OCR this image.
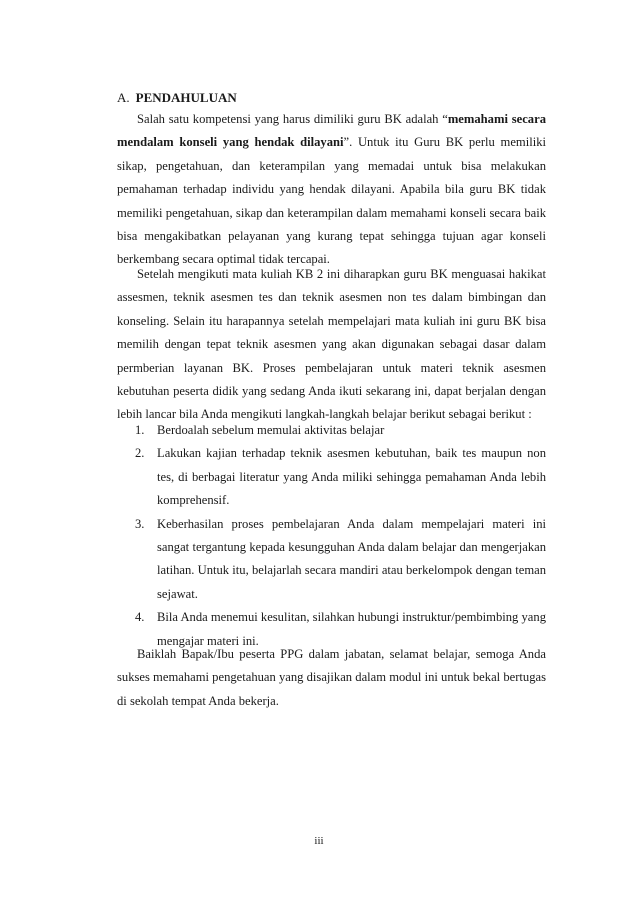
A. PENDAHULUAN
Salah satu kompetensi yang harus dimiliki guru BK adalah “memahami secara mendalam konseli yang hendak dilayani”. Untuk itu Guru BK perlu memiliki sikap, pengetahuan, dan keterampilan yang memadai untuk bisa melakukan pemahaman terhadap individu yang hendak dilayani. Apabila bila guru BK tidak memiliki pengetahuan, sikap dan keterampilan dalam memahami konseli secara baik bisa mengakibatkan pelayanan yang kurang tepat sehingga tujuan agar konseli berkembang secara optimal tidak tercapai.
Setelah mengikuti mata kuliah KB 2 ini diharapkan guru BK menguasai hakikat assesmen, teknik asesmen tes dan teknik asesmen non tes dalam bimbingan dan konseling. Selain itu harapannya setelah mempelajari mata kuliah ini guru BK bisa memilih dengan tepat teknik asesmen yang akan digunakan sebagai dasar dalam permberian layanan BK. Proses pembelajaran untuk materi teknik asesmen kebutuhan peserta didik yang sedang Anda ikuti sekarang ini, dapat berjalan dengan lebih lancar bila Anda mengikuti langkah-langkah belajar berikut sebagai berikut :
1. Berdoalah sebelum memulai aktivitas belajar
2. Lakukan kajian terhadap teknik asesmen kebutuhan, baik tes maupun non tes, di berbagai literatur yang Anda miliki sehingga pemahaman Anda lebih komprehensif.
3. Keberhasilan proses pembelajaran Anda dalam mempelajari materi ini sangat tergantung kepada kesungguhan Anda dalam belajar dan mengerjakan latihan. Untuk itu, belajarlah secara mandiri atau berkelompok dengan teman sejawat.
4. Bila Anda menemui kesulitan, silahkan hubungi instruktur/pembimbing yang mengajar materi ini.
Baiklah Bapak/Ibu peserta PPG dalam jabatan, selamat belajar, semoga Anda sukses memahami pengetahuan yang disajikan dalam modul ini untuk bekal bertugas di sekolah tempat Anda bekerja.
iii
